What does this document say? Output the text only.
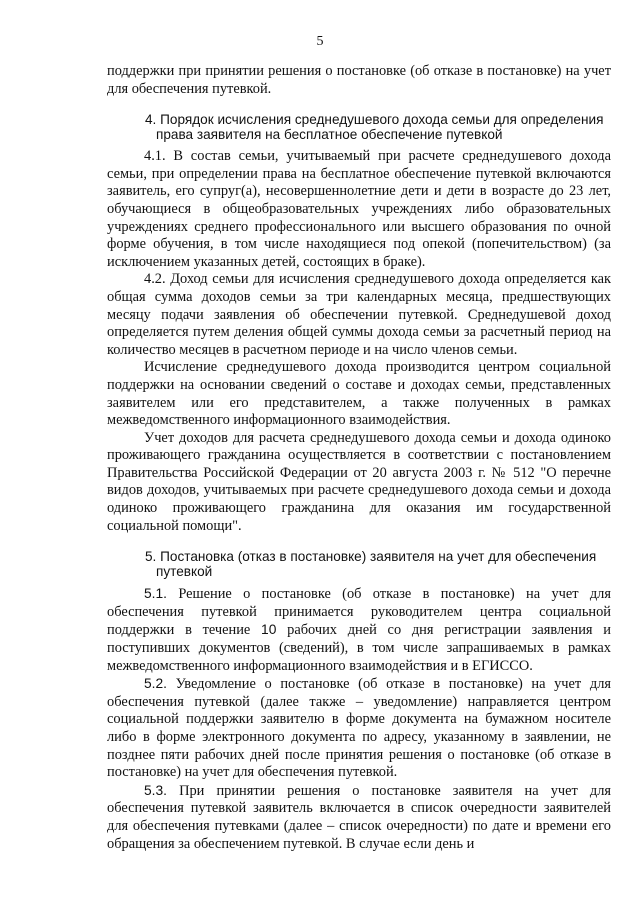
5

поддержки при принятии решения о постановке (об отказе в постановке) на учет для обеспечения путевкой.

4. Порядок исчисления среднедушевого дохода семьи для определения
права заявителя на бесплатное обеспечение путевкой

4.1. В состав семьи, учитываемый при расчете среднедушевого дохода семьи, при определении права на бесплатное обеспечение путевкой включаются заявитель, его супруг(а), несовершеннолетние дети и дети в возрасте до 23 лет, обучающиеся в общеобразовательных учреждениях либо образовательных учреждениях среднего профессионального или высшего образования по очной форме обучения, в том числе находящиеся под опекой (попечительством) (за исключением указанных детей, состоящих в браке).

4.2. Доход семьи для исчисления среднедушевого дохода определяется как общая сумма доходов семьи за три календарных месяца, предшествующих месяцу подачи заявления об обеспечении путевкой. Среднедушевой доход определяется путем деления общей суммы дохода семьи за расчетный период на количество месяцев в расчетном периоде и на число членов семьи.

Исчисление среднедушевого дохода производится центром социальной поддержки на основании сведений о составе и доходах семьи, представленных заявителем или его представителем, а также полученных в рамках межведомственного информационного взаимодействия.

Учет доходов для расчета среднедушевого дохода семьи и дохода одиноко проживающего гражданина осуществляется в соответствии с постановлением Правительства Российской Федерации от 20 августа 2003 г. № 512 "О перечне видов доходов, учитываемых при расчете среднедушевого дохода семьи и дохода одиноко проживающего гражданина для оказания им государственной социальной помощи".

5. Постановка (отказ в постановке) заявителя на учет для обеспечения
путевкой

5.1. Решение о постановке (об отказе в постановке) на учет для обеспечения путевкой принимается руководителем центра социальной поддержки в течение 10 рабочих дней со дня регистрации заявления и поступивших документов (сведений), в том числе запрашиваемых в рамках межведомственного информационного взаимодействия и в ЕГИССО.

5.2. Уведомление о постановке (об отказе в постановке) на учет для обеспечения путевкой (далее также – уведомление) направляется центром социальной поддержки заявителю в форме документа на бумажном носителе либо в форме электронного документа по адресу, указанному в заявлении, не позднее пяти рабочих дней после принятия решения о постановке (об отказе в постановке) на учет для обеспечения путевкой.

5.3. При принятии решения о постановке заявителя на учет для обеспечения путевкой заявитель включается в список очередности заявителей для обеспечения путевками (далее – список очередности) по дате и времени его обращения за обеспечением путевкой. В случае если день и
